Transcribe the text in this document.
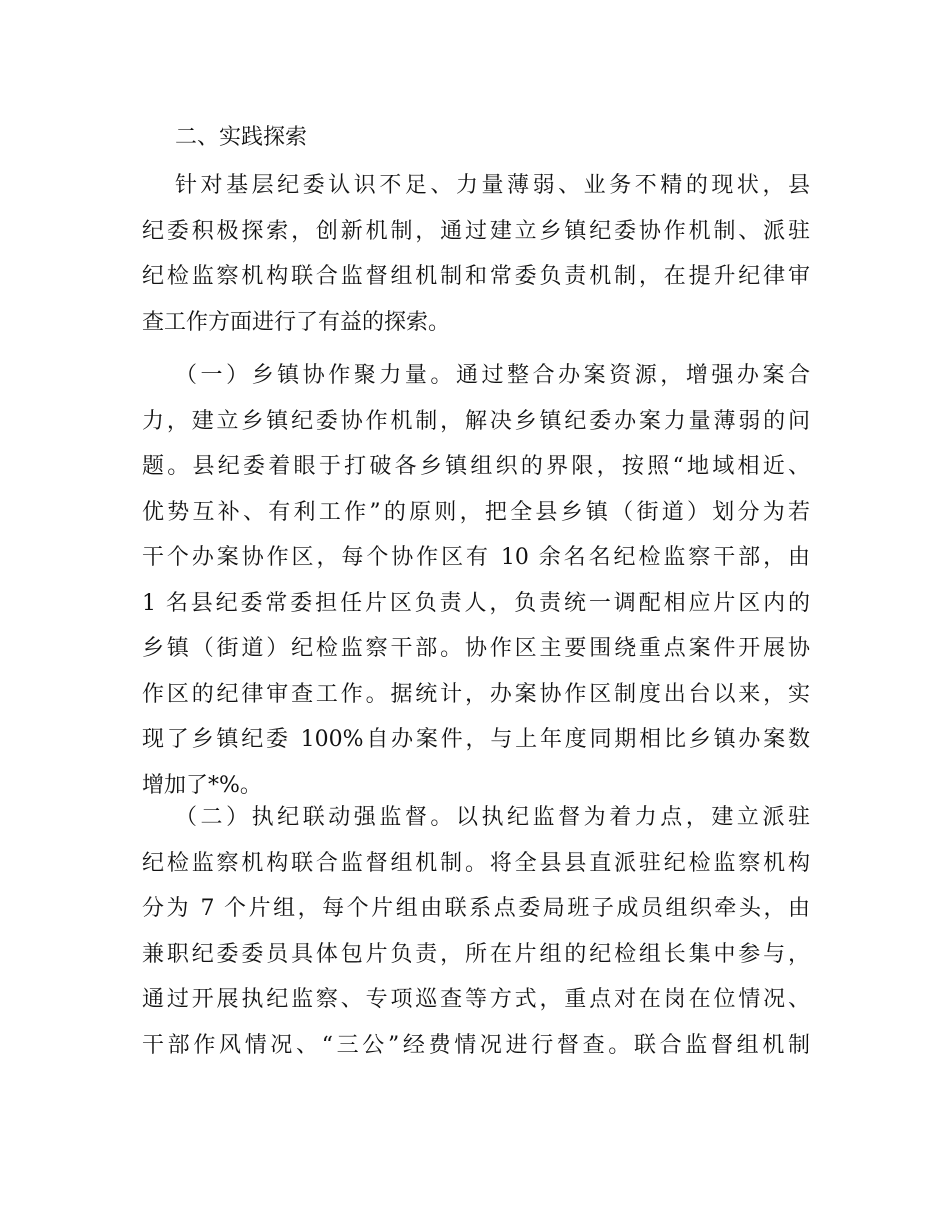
二、实践探索
针对基层纪委认识不足、力量薄弱、业务不精的现状，县
纪委积极探索，创新机制，通过建立乡镇纪委协作机制、派驻
纪检监察机构联合监督组机制和常委负责机制，在提升纪律审
查工作方面进行了有益的探索。
（一）乡镇协作聚力量。通过整合办案资源，增强办案合
力，建立乡镇纪委协作机制，解决乡镇纪委办案力量薄弱的问
题。县纪委着眼于打破各乡镇组织的界限，按照“地域相近、
优势互补、有利工作”的原则，把全县乡镇（街道）划分为若
干个办案协作区，每个协作区有 10 余名名纪检监察干部，由
1 名县纪委常委担任片区负责人，负责统一调配相应片区内的
乡镇（街道）纪检监察干部。协作区主要围绕重点案件开展协
作区的纪律审查工作。据统计，办案协作区制度出台以来，实
现了乡镇纪委 100%自办案件，与上年度同期相比乡镇办案数
增加了*%。
（二）执纪联动强监督。以执纪监督为着力点，建立派驻
纪检监察机构联合监督组机制。将全县县直派驻纪检监察机构
分为 7 个片组，每个片组由联系点委局班子成员组织牵头，由
兼职纪委委员具体包片负责，所在片组的纪检组长集中参与，
通过开展执纪监察、专项巡查等方式，重点对在岗在位情况、
干部作风情况、“三公”经费情况进行督查。联合监督组机制
